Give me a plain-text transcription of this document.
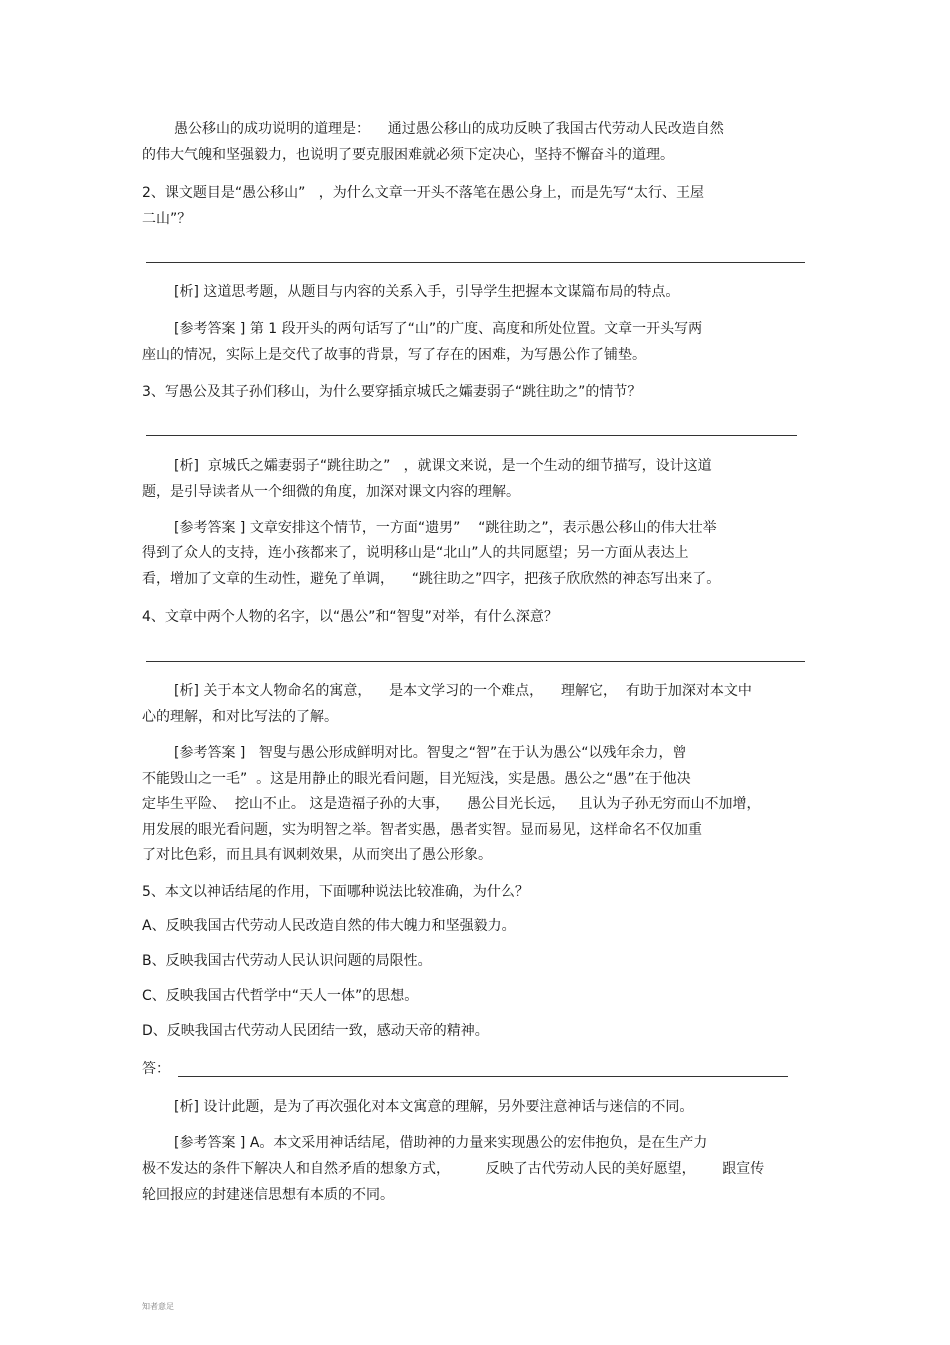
愚公移山的成功说明的道理是：    通过愚公移山的成功反映了我国古代劳动人民改造自然

的伟大气魄和坚强毅力，也说明了要克服困难就必须下定决心，坚持不懈奋斗的道理。

2、课文题目是“愚公移山”   ，为什么文章一开头不落笔在愚公身上，而是先写“太行、王屋

二山”？

[析] 这道思考题，从题目与内容的关系入手，引导学生把握本文谋篇布局的特点。

[参考答案 ] 第 1 段开头的两句话写了“山”的广度、高度和所处位置。文章一开头写两

座山的情况，实际上是交代了故事的背景，写了存在的困难，为写愚公作了铺垫。

3、写愚公及其子孙们移山，为什么要穿插京城氏之孀妻弱子“跳往助之”的情节？

[析]  京城氏之孀妻弱子“跳往助之”   ，就课文来说，是一个生动的细节描写，设计这道

题，是引导读者从一个细微的角度，加深对课文内容的理解。

[参考答案 ] 文章安排这个情节，一方面“遗男”    “跳往助之”，表示愚公移山的伟大壮举

得到了众人的支持，连小孩都来了，说明移山是“北山”人的共同愿望；另一方面从表达上

看，增加了文章的生动性，避免了单调，    “跳往助之”四字，把孩子欣欣然的神态写出来了。

4、文章中两个人物的名字，以“愚公”和“智叟”对举，有什么深意？

[析] 关于本文人物命名的寓意，    是本文学习的一个难点，    理解它，  有助于加深对本文中

心的理解，和对比写法的了解。

[参考答案 ]   智叟与愚公形成鲜明对比。智叟之“智”在于认为愚公“以残年余力，曾

不能毁山之一毛”  。这是用静止的眼光看问题，目光短浅，实是愚。愚公之“愚”在于他决

定毕生平险、  挖山不止。 这是造福子孙的大事，    愚公目光长远，   且认为子孙无穷而山不加增，

用发展的眼光看问题，实为明智之举。智者实愚，愚者实智。显而易见，这样命名不仅加重

了对比色彩，而且具有讽刺效果，从而突出了愚公形象。

5、本文以神话结尾的作用，下面哪种说法比较准确，为什么？

A、反映我国古代劳动人民改造自然的伟大魄力和坚强毅力。

B、反映我国古代劳动人民认识问题的局限性。

C、反映我国古代哲学中“天人一体”的思想。

D、反映我国古代劳动人民团结一致，感动天帝的精神。

答：

[析] 设计此题，是为了再次强化对本文寓意的理解，另外要注意神话与迷信的不同。

[参考答案 ] A。本文采用神话结尾，借助神的力量来实现愚公的宏伟抱负，是在生产力

极不发达的条件下解决人和自然矛盾的想象方式，        反映了古代劳动人民的美好愿望，      跟宣传

轮回报应的封建迷信思想有本质的不同。

知者意足
